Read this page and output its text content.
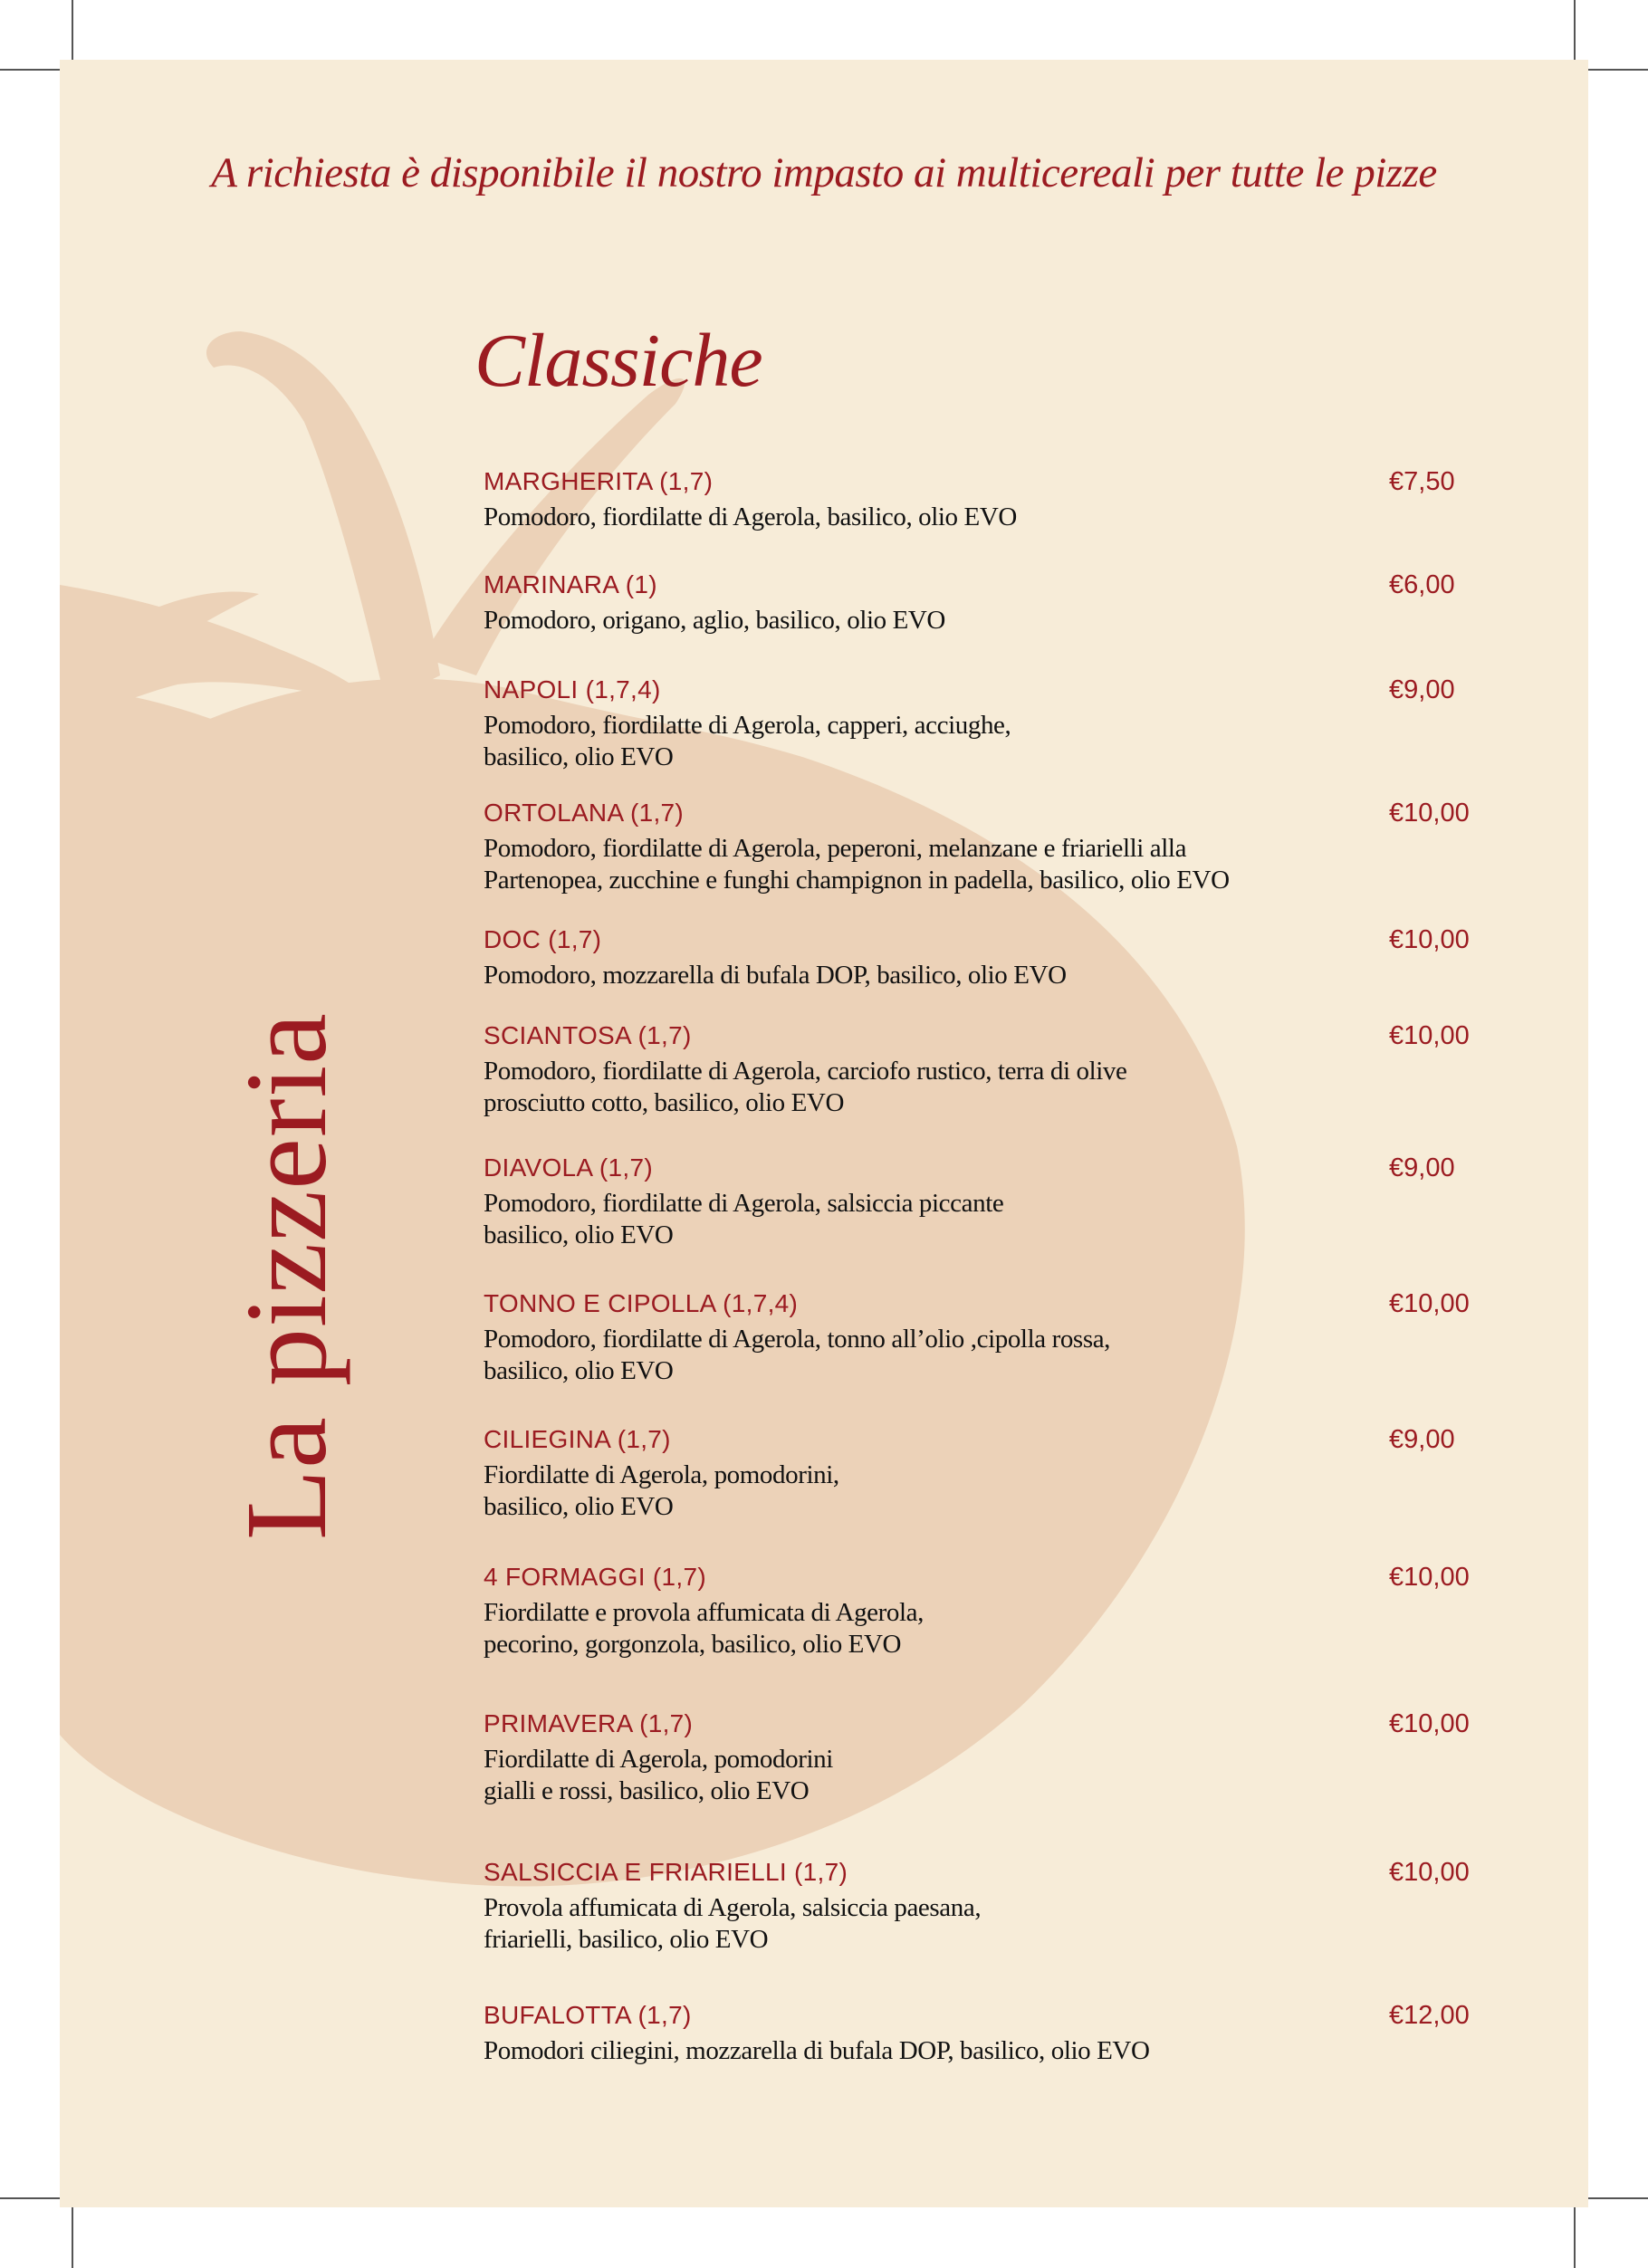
A richiesta è disponibile il nostro impasto ai multicereali per tutte le pizze
La pizzeria
Classiche
MARGHERITA (1,7)	€7,50
Pomodoro, fiordilatte di Agerola, basilico, olio EVO
MARINARA (1)	€6,00
Pomodoro, origano, aglio, basilico, olio EVO
NAPOLI (1,7,4)	€9,00
Pomodoro, fiordilatte di Agerola, capperi, acciughe,
basilico, olio EVO
ORTOLANA (1,7)	€10,00
Pomodoro, fiordilatte di Agerola, peperoni, melanzane e friarielli alla
Partenopea, zucchine e funghi champignon in padella, basilico, olio EVO
DOC (1,7)	€10,00
Pomodoro, mozzarella di bufala DOP, basilico, olio EVO
SCIANTOSA (1,7)	€10,00
Pomodoro, fiordilatte di Agerola, carciofo rustico, terra di olive
prosciutto cotto, basilico, olio EVO
DIAVOLA (1,7)	€9,00
Pomodoro, fiordilatte di Agerola, salsiccia piccante
basilico, olio EVO
TONNO E CIPOLLA (1,7,4)	€10,00
Pomodoro, fiordilatte di Agerola, tonno all’olio ,cipolla rossa,
basilico, olio EVO
CILIEGINA (1,7)	€9,00
Fiordilatte di Agerola, pomodorini,
basilico, olio EVO
4 FORMAGGI (1,7)	€10,00
Fiordilatte e provola affumicata di Agerola,
pecorino, gorgonzola, basilico, olio EVO
PRIMAVERA (1,7)	€10,00
Fiordilatte di Agerola, pomodorini
gialli e rossi, basilico, olio EVO
SALSICCIA E FRIARIELLI (1,7)	€10,00
Provola affumicata di Agerola, salsiccia paesana,
friarielli, basilico, olio EVO
BUFALOTTA (1,7)	€12,00
Pomodori ciliegini, mozzarella di bufala DOP, basilico, olio EVO
